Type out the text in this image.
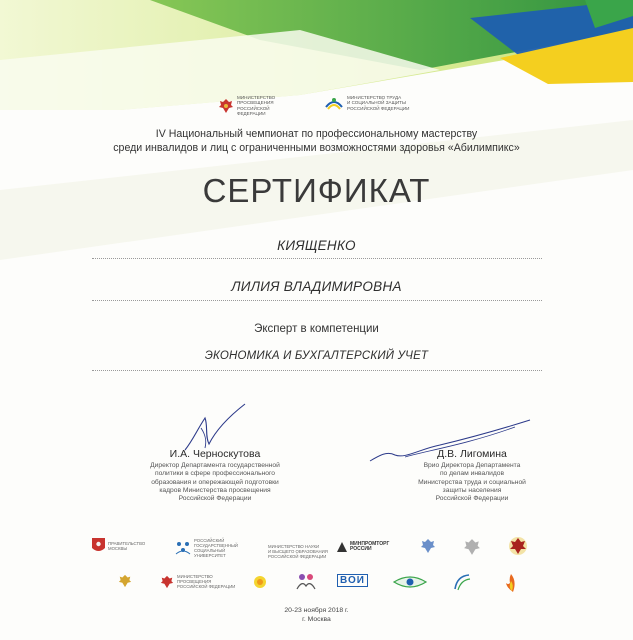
МИНИСТЕРСТВО
ПРОСВЕЩЕНИЯ
РОССИЙСКОЙ
ФЕДЕРАЦИИ
МИНИСТЕРСТВО ТРУДА
И СОЦИАЛЬНОЙ ЗАЩИТЫ
РОССИЙСКОЙ ФЕДЕРАЦИИ
IV Национальный чемпионат по профессиональному мастерству
среди инвалидов и лиц с ограниченными возможностями здоровья «Абилимпикс»
СЕРТИФИКАТ
КИЯЩЕНКО
ЛИЛИЯ ВЛАДИМИРОВНА
Эксперт в компетенции
ЭКОНОМИКА И БУХГАЛТЕРСКИЙ УЧЕТ
И.А. Черноскутова
Директор Департамента государственной
политики в сфере профессионального
образования и опережающей подготовки
кадров Министерства просвещения
Российской Федерации
Д.В. Лигомина
Врио Директора Департамента
по делам инвалидов
Министерства труда и социальной
защиты населения
Российской Федерации
ПРАВИТЕЛЬСТВО
МОСКВЫ
РОССИЙСКИЙ
ГОСУДАРСТВЕННЫЙ
СОЦИАЛЬНЫЙ
УНИВЕРСИТЕТ
МИНИСТЕРСТВО НАУКИ
И ВЫСШЕГО ОБРАЗОВАНИЯ
РОССИЙСКОЙ ФЕДЕРАЦИИ
МИНПРОМТОРГ
РОССИИ
МИНИСТЕРСТВО
ПРОСВЕЩЕНИЯ
РОССИЙСКОЙ ФЕДЕРАЦИИ
ВОИ
20-23 ноября 2018 г.
г. Москва
